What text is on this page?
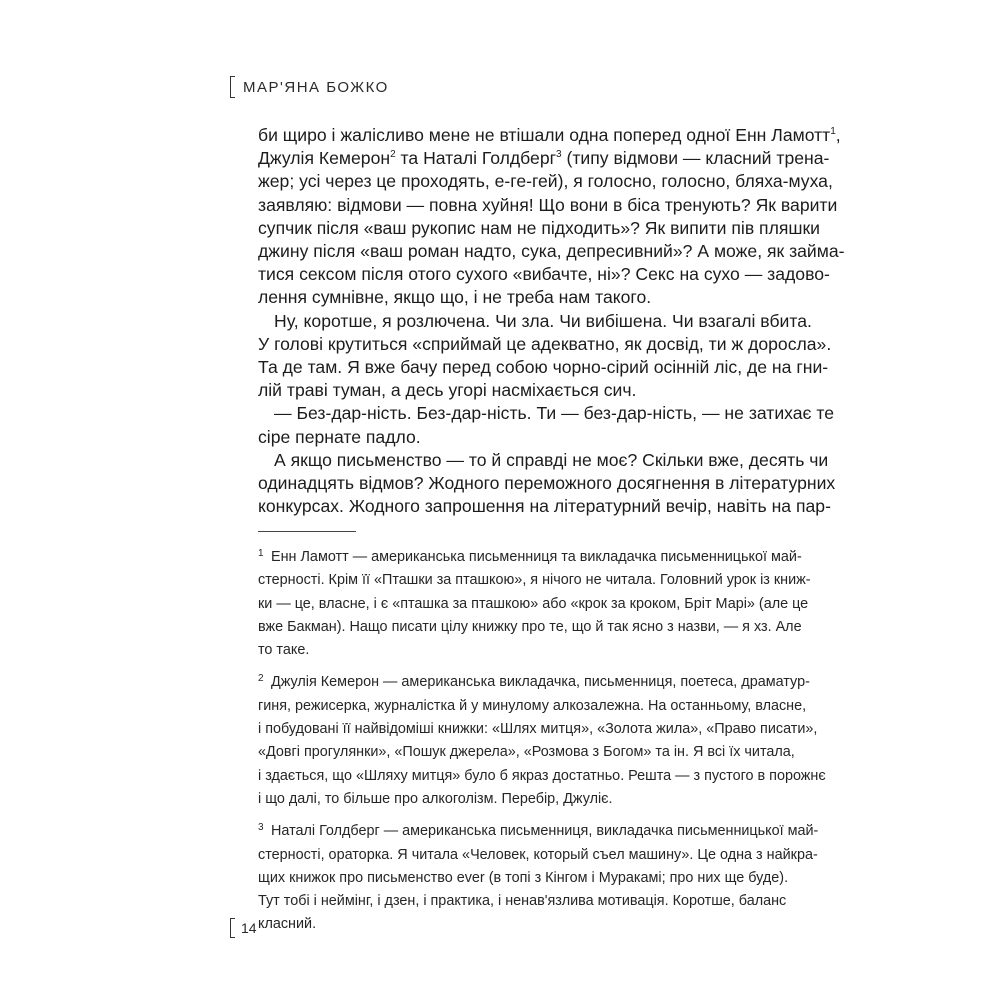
МАР'ЯНА БОЖКО
би щиро і жалісливо мене не втішали одна поперед одної Енн Ламотт$^1$,
Джулія Кемерон$^2$ та Наталі Голдберг$^3$ (типу відмови — класний трена-
жер; усі через це проходять, е-ге-гей), я голосно, голосно, бляха-муха,
заявляю: відмови — повна хуйня! Що вони в біса тренують? Як варити
супчик після «ваш рукопис нам не підходить»? Як випити пів пляшки
джину після «ваш роман надто, сука, депресивний»? А може, як займа-
тися сексом після отого сухого «вибачте, ні»? Секс на сухо — задово-
лення сумнівне, якщо що, і не треба нам такого.
Ну, коротше, я розлючена. Чи зла. Чи вибішена. Чи взагалі вбита.
У голові крутиться «сприймай це адекватно, як досвід, ти ж доросла».
Та де там. Я вже бачу перед собою чорно-сірий осінній ліс, де на гни-
лій траві туман, а десь угорі насміхається сич.
— Без-дар-ність. Без-дар-ність. Ти — без-дар-ність, — не затихає те
сіре пернате падло.
А якщо письменство — то й справді не моє? Скільки вже, десять чи
одинадцять відмов? Жодного переможного досягнення в літературних
конкурсах. Жодного запрошення на літературний вечір, навіть на пар-
1 Енн Ламотт — американська письменниця та викладачка письменницької май-
стерності. Крім її «Пташки за пташкою», я нічого не читала. Головний урок із книж-
ки — це, власне, і є «пташка за пташкою» або «крок за кроком, Бріт Марі» (але це
вже Бакман). Нащо писати цілу книжку про те, що й так ясно з назви, — я хз. Але
то таке.
2 Джулія Кемерон — американська викладачка, письменниця, поетеса, драматур-
гиня, режисерка, журналістка й у минулому алкозалежна. На останньому, власне,
і побудовані її найвідоміші книжки: «Шлях митця», «Золота жила», «Право писати»,
«Довгі прогулянки», «Пошук джерела», «Розмова з Богом» та ін. Я всі їх читала,
і здається, що «Шляху митця» було б якраз достатньо. Решта — з пустого в порожнє
і що далі, то більше про алкоголізм. Перебір, Джуліє.
3 Наталі Голдберг — американська письменниця, викладачка письменницької май-
стерності, ораторка. Я читала «Человек, который съел машину». Це одна з найкра-
щих книжок про письменство ever (в топі з Кінгом і Муракамі; про них ще буде).
Тут тобі і неймінг, і дзен, і практика, і ненав'язлива мотивація. Коротше, баланс
класний.
14
